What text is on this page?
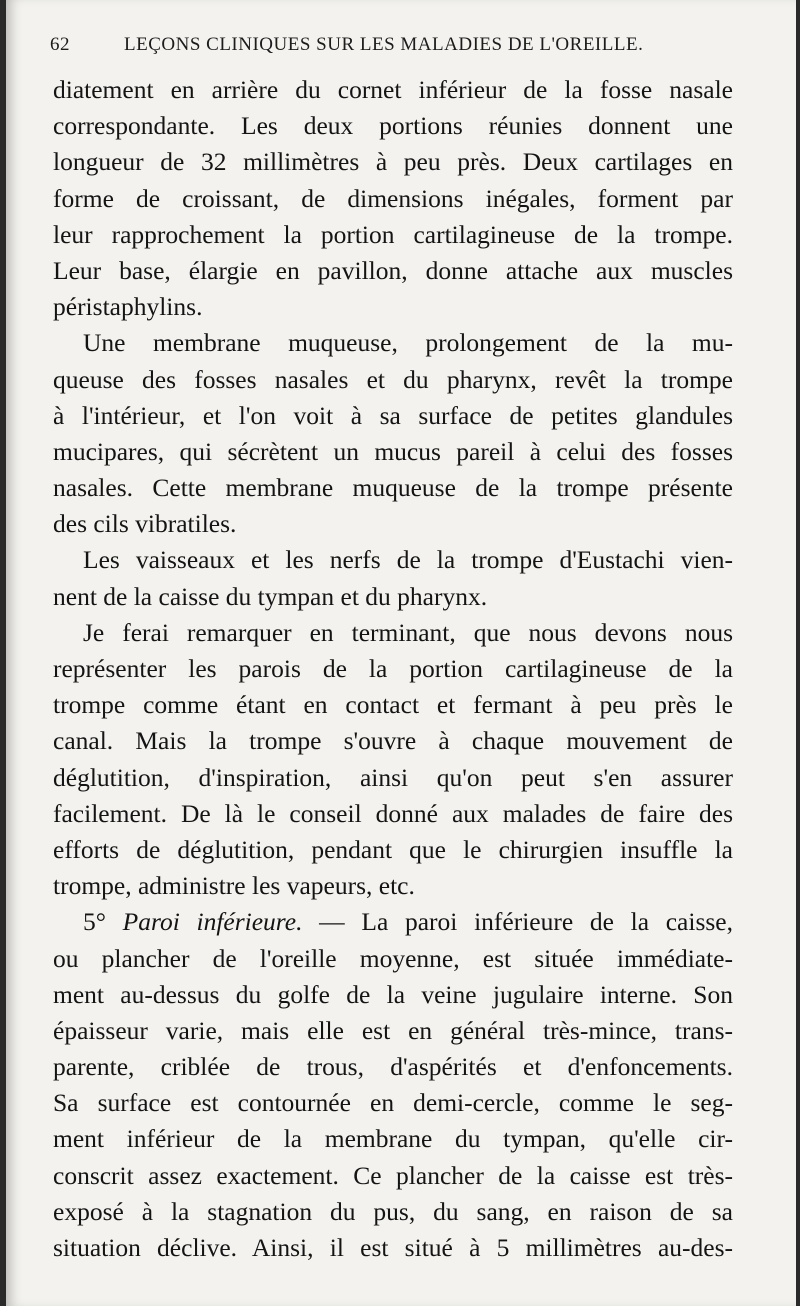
62	LEÇONS CLINIQUES SUR LES MALADIES DE L'OREILLE.
diatement en arrière du cornet inférieur de la fosse nasale
correspondante. Les deux portions réunies donnent une
longueur de 32 millimètres à peu près. Deux cartilages en
forme de croissant, de dimensions inégales, forment par
leur rapprochement la portion cartilagineuse de la trompe.
Leur base, élargie en pavillon, donne attache aux muscles
péristaphylins.
Une membrane muqueuse, prolongement de la mu-
queuse des fosses nasales et du pharynx, revêt la trompe
à l'intérieur, et l'on voit à sa surface de petites glandules
mucipares, qui sécrètent un mucus pareil à celui des fosses
nasales. Cette membrane muqueuse de la trompe présente
des cils vibratiles.
Les vaisseaux et les nerfs de la trompe d'Eustachi vien-
nent de la caisse du tympan et du pharynx.
Je ferai remarquer en terminant, que nous devons nous
représenter les parois de la portion cartilagineuse de la
trompe comme étant en contact et fermant à peu près le
canal. Mais la trompe s'ouvre à chaque mouvement de
déglutition, d'inspiration, ainsi qu'on peut s'en assurer
facilement. De là le conseil donné aux malades de faire des
efforts de déglutition, pendant que le chirurgien insuffle la
trompe, administre les vapeurs, etc.
5° Paroi inférieure. — La paroi inférieure de la caisse,
ou plancher de l'oreille moyenne, est située immédiate-
ment au-dessus du golfe de la veine jugulaire interne. Son
épaisseur varie, mais elle est en général très-mince, trans-
parente, criblée de trous, d'aspérités et d'enfoncements.
Sa surface est contournée en demi-cercle, comme le seg-
ment inférieur de la membrane du tympan, qu'elle cir-
conscrit assez exactement. Ce plancher de la caisse est très-
exposé à la stagnation du pus, du sang, en raison de sa
situation déclive. Ainsi, il est situé à 5 millimètres au-des-
